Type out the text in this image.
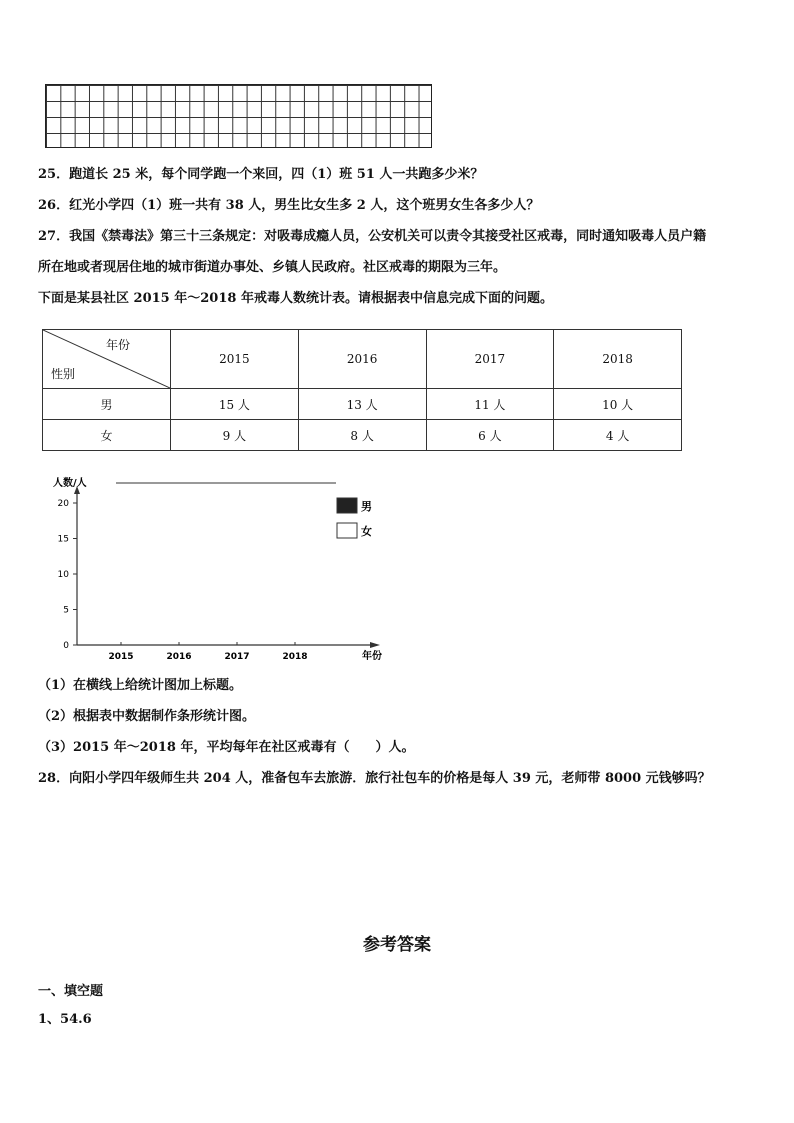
25．跑道长 25 米，每个同学跑一个来回，四（1）班 51 人一共跑多少米？
26．红光小学四（1）班一共有 38 人，男生比女生多 2 人，这个班男女生各多少人？
27．我国《禁毒法》第三十三条规定：对吸毒成瘾人员，公安机关可以责令其接受社区戒毒，同时通知吸毒人员户籍
所在地或者现居住地的城市街道办事处、乡镇人民政府。社区戒毒的期限为三年。
下面是某县社区 2015 年～2018 年戒毒人数统计表。请根据表中信息完成下面的问题。
年份
性别	2015	2016	2017	2018
男	15 人	13 人	11 人	10 人
女	9 人	8 人	6 人	4 人
人数/人
年份
0
5
10
15
20
2015	2016	2017	2018
男
女
（1）在横线上给统计图加上标题。
（2）根据表中数据制作条形统计图。
（3）2015 年～2018 年，平均每年在社区戒毒有（　　）人。
28．向阳小学四年级师生共 204 人，准备包车去旅游．旅行社包车的价格是每人 39 元，老师带 8000 元钱够吗？
参考答案
一、填空题
1、54.6
